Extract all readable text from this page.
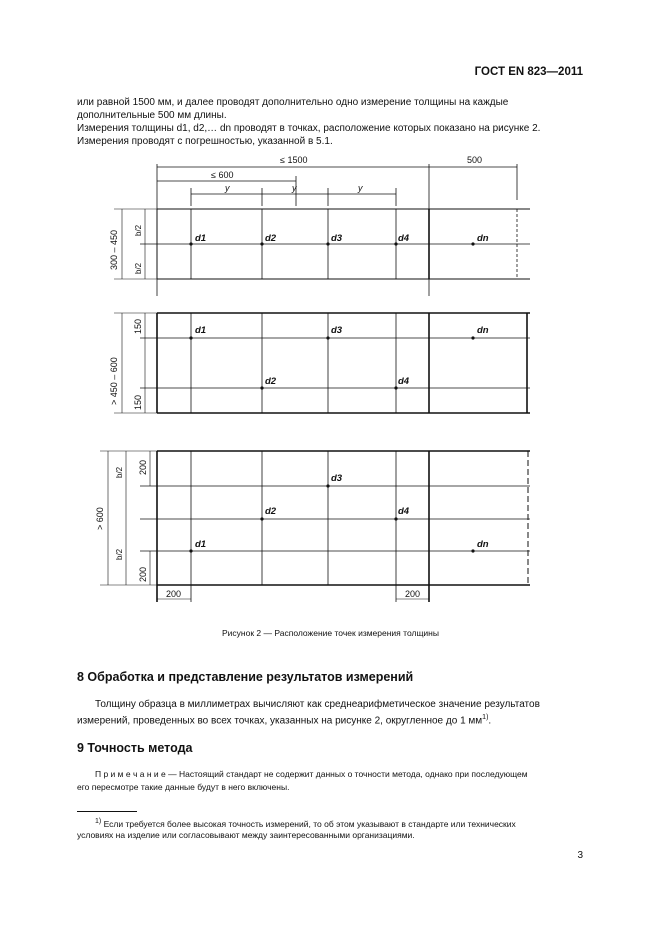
ГОСТ EN 823—2011
или равной 1500 мм, и далее проводят дополнительно одно измерение толщины на каждые
дополнительные 500 мм длины.
Измерения толщины d1, d2,… dn проводят в точках, расположение которых показано на рисунке 2.
Измерения проводят с погрешностью, указанной в 5.1.
≤ 1500	500
≤ 600
y	y	y
300 – 450 b/2
b/2
> 450 – 600
150
150
> 600
b/2
b/2
200
200
200	200
d1	d2	d3	d4	dn
d1	d3	dn
d2	d4
d3
d2	d4
d1	dn
Рисунок 2 — Расположение точек измерения толщины
8 Обработка и представление результатов измерений
Толщину образца в миллиметрах вычисляют как среднеарифметическое значение результатов
измерений, проведенных во всех точках, указанных на рисунке 2, округленное до 1 $мм^{1)}$.
9 Точность метода
П р и м е ч а н и е — Настоящий стандарт не содержит данных о точности метода, однако при последующем
его пересмотре такие данные будут в него включены.
$^{1)}$ Если требуется более высокая точность измерений, то об этом указывают в стандарте или технических
условиях на изделие или согласовывают между заинтересованными организациями.
3
